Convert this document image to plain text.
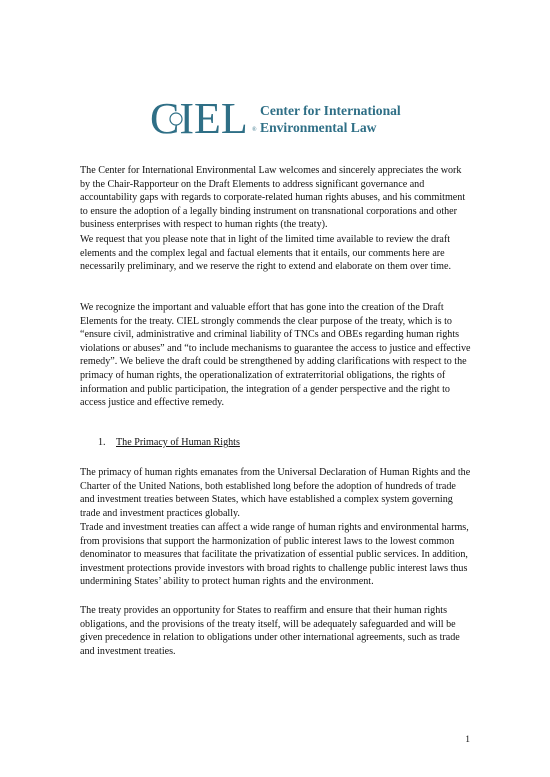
CIEL ®
Center for International
Environmental Law

The Center for International Environmental Law welcomes and sincerely appreciates the work by the Chair-Rapporteur on the Draft Elements to address significant governance and accountability gaps with regards to corporate-related human rights abuses, and his commitment to ensure the adoption of a legally binding instrument on transnational corporations and other business enterprises with respect to human rights (the treaty).

We request that you please note that in light of the limited time available to review the draft elements and the complex legal and factual elements that it entails, our comments here are necessarily preliminary, and we reserve the right to extend and elaborate on them over time.

We recognize the important and valuable effort that has gone into the creation of the Draft Elements for the treaty. CIEL strongly commends the clear purpose of the treaty, which is to “ensure civil, administrative and criminal liability of TNCs and OBEs regarding human rights violations or abuses” and “to include mechanisms to guarantee the access to justice and effective remedy”. We believe the draft could be strengthened by adding clarifications with respect to the primacy of human rights, the operationalization of extraterritorial obligations, the rights of information and public participation, the integration of a gender perspective and the right to access justice and effective remedy.

1. The Primacy of Human Rights

The primacy of human rights emanates from the Universal Declaration of Human Rights and the Charter of the United Nations, both established long before the adoption of hundreds of trade and investment treaties between States, which have established a complex system governing trade and investment practices globally.

Trade and investment treaties can affect a wide range of human rights and environmental harms, from provisions that support the harmonization of public interest laws to the lowest common denominator to measures that facilitate the privatization of essential public services. In addition, investment protections provide investors with broad rights to challenge public interest laws thus undermining States’ ability to protect human rights and the environment.

The treaty provides an opportunity for States to reaffirm and ensure that their human rights obligations, and the provisions of the treaty itself, will be adequately safeguarded and will be given precedence in relation to obligations under other international agreements, such as trade and investment treaties.

1
